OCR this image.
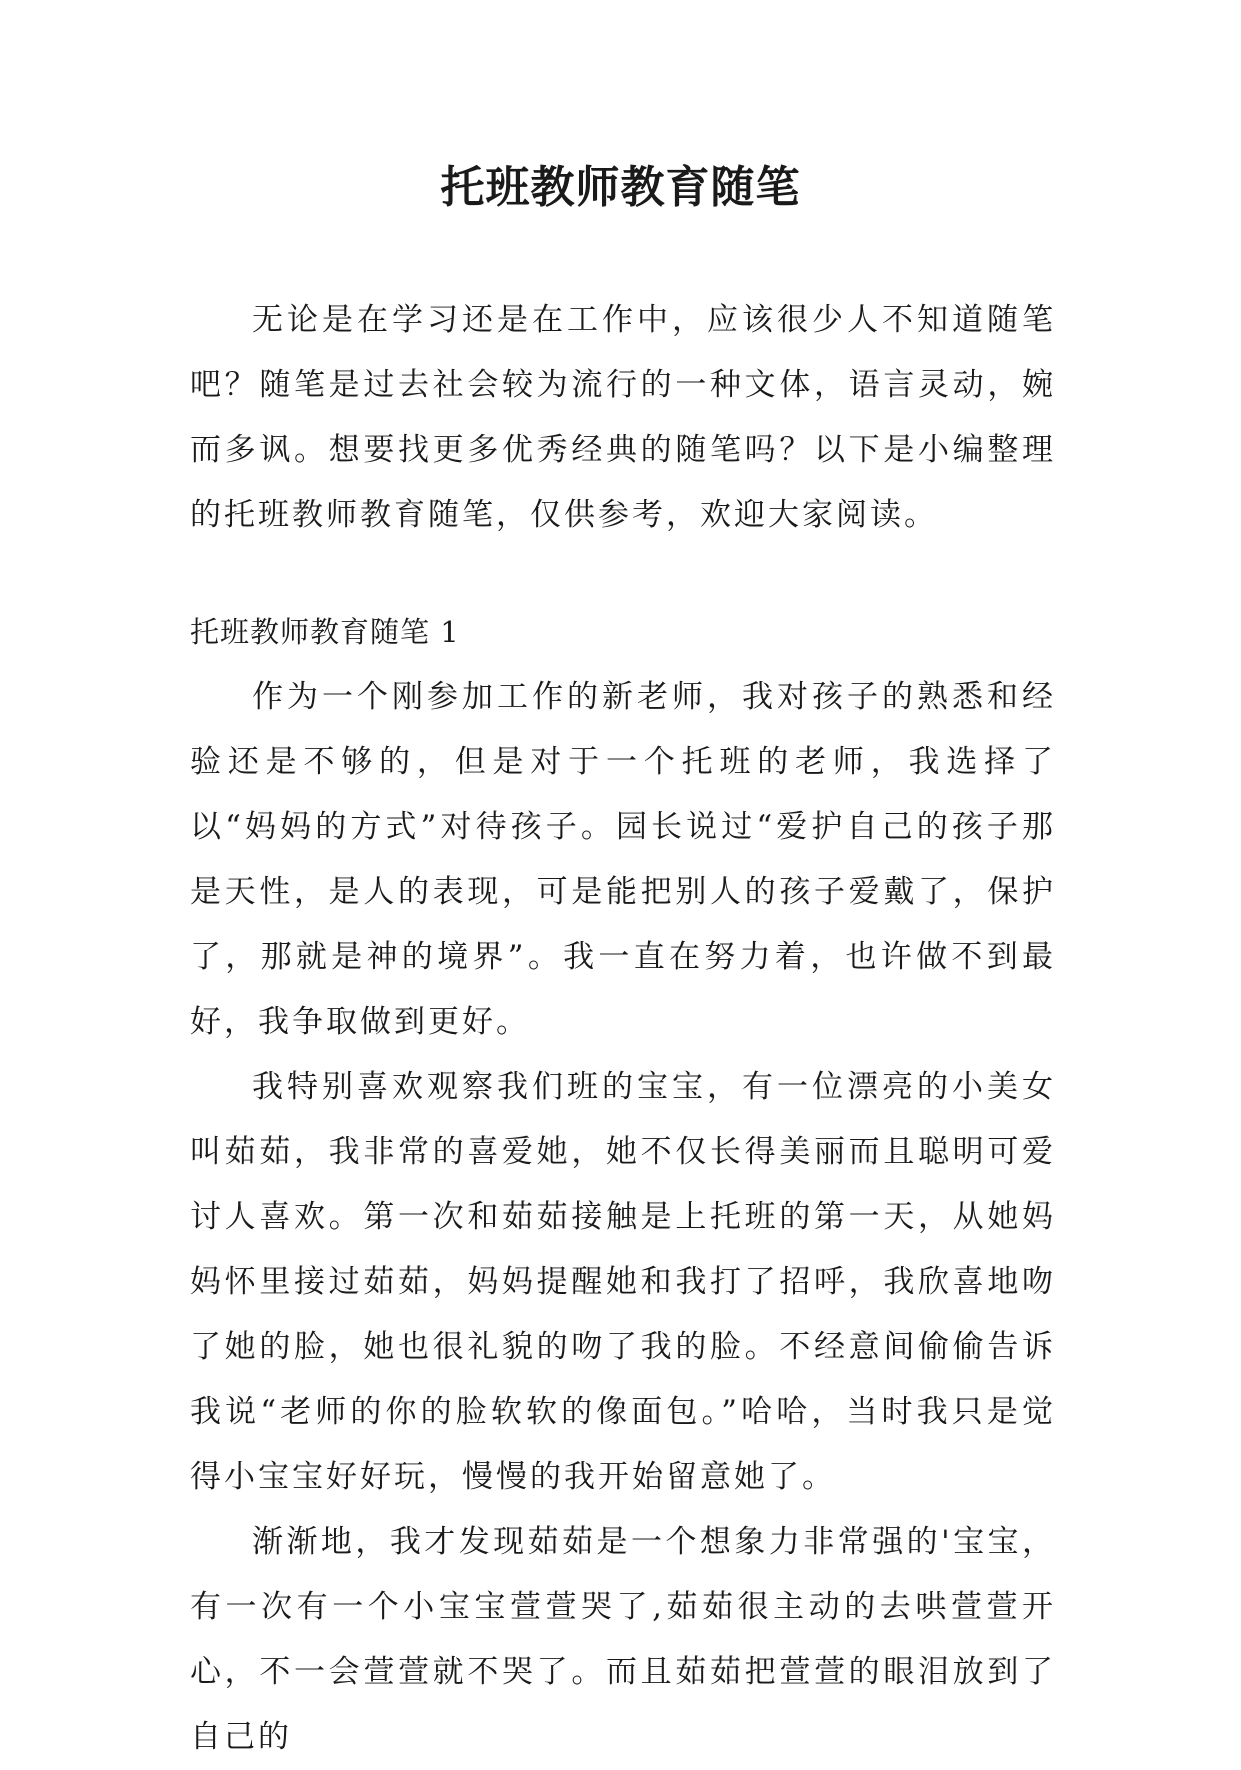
托班教师教育随笔

无论是在学习还是在工作中，应该很少人不知道随笔吧？随笔是过去社会较为流行的一种文体，语言灵动，婉而多讽。想要找更多优秀经典的随笔吗？以下是小编整理的托班教师教育随笔，仅供参考，欢迎大家阅读。

托班教师教育随笔 1

作为一个刚参加工作的新老师，我对孩子的熟悉和经验还是不够的，但是对于一个托班的老师，我选择了以“妈妈的方式”对待孩子。园长说过“爱护自己的孩子那是天性，是人的表现，可是能把别人的孩子爱戴了，保护了，那就是神的境界”。我一直在努力着，也许做不到最好，我争取做到更好。

我特别喜欢观察我们班的宝宝，有一位漂亮的小美女叫茹茹，我非常的喜爱她，她不仅长得美丽而且聪明可爱讨人喜欢。第一次和茹茹接触是上托班的第一天，从她妈妈怀里接过茹茹，妈妈提醒她和我打了招呼，我欣喜地吻了她的脸，她也很礼貌的吻了我的脸。不经意间偷偷告诉我说“老师的你的脸软软的像面包。”哈哈，当时我只是觉得小宝宝好好玩，慢慢的我开始留意她了。

渐渐地，我才发现茹茹是一个想象力非常强的'宝宝，有一次有一个小宝宝萱萱哭了,茹茹很主动的去哄萱萱开心，不一会萱萱就不哭了。而且茹茹把萱萱的眼泪放到了自己的
